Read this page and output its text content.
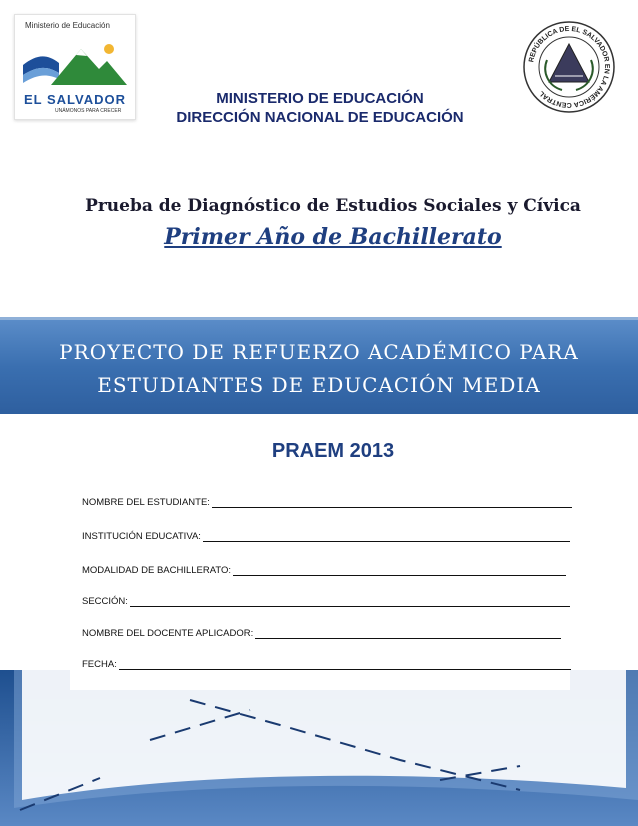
Ministerio de Educación
EL SALVADOR
UNÁMONOS PARA CRECER
REPÚBLICA DE EL SALVADOR EN LA AMÉRICA CENTRAL
MINISTERIO DE EDUCACIÓN
DIRECCIÓN NACIONAL DE EDUCACIÓN
Prueba de Diagnóstico de Estudios Sociales y Cívica
Primer Año de Bachillerato
PROYECTO DE REFUERZO ACADÉMICO PARA
ESTUDIANTES DE EDUCACIÓN MEDIA
PRAEM 2013
NOMBRE DEL ESTUDIANTE:
INSTITUCIÓN EDUCATIVA:
MODALIDAD DE BACHILLERATO:
SECCIÓN:
NOMBRE DEL DOCENTE APLICADOR:
FECHA:
